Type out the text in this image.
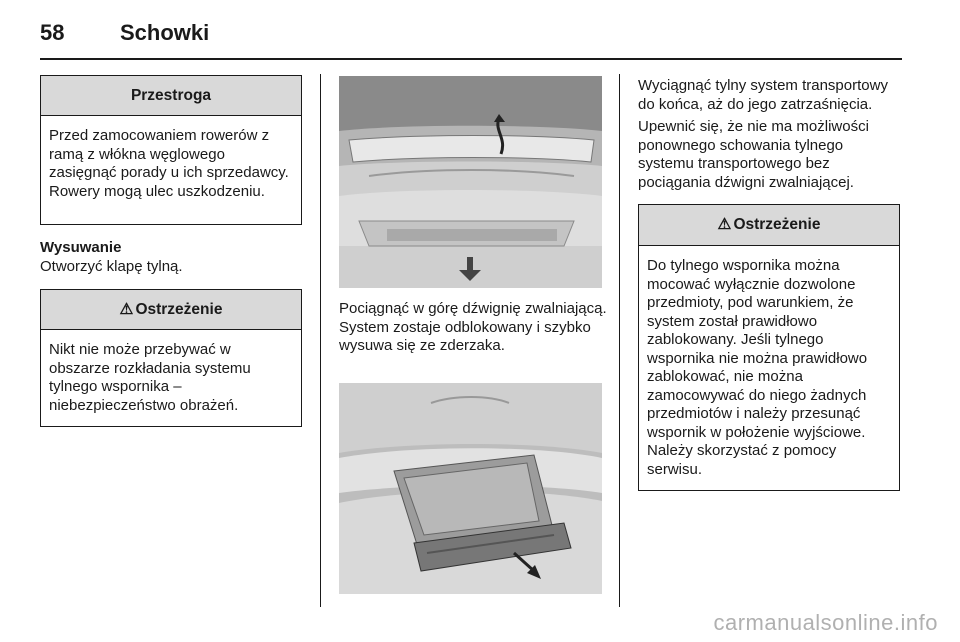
58	Schowki
Przestroga
Przed zamocowaniem rowerów z ramą z włókna węglowego zasięgnąć porady u ich sprzedawcy. Rowery mogą ulec uszkodzeniu.
Wysuwanie
Otworzyć klapę tylną.
⚠ Ostrzeżenie
Nikt nie może przebywać w obszarze rozkładania systemu tylnego wspornika – niebezpieczeństwo obrażeń.
Pociągnąć w górę dźwignię zwalniającą. System zostaje odblokowany i szybko wysuwa się ze zderzaka.
Wyciągnąć tylny system transportowy do końca, aż do jego zatrzaśnięcia.
Upewnić się, że nie ma możliwości ponownego schowania tylnego systemu transportowego bez pociągania dźwigni zwalniającej.
⚠ Ostrzeżenie
Do tylnego wspornika można mocować wyłącznie dozwolone przedmioty, pod warunkiem, że system został prawidłowo zablokowany. Jeśli tylnego wspornika nie można prawidłowo zablokować, nie można zamocowywać do niego żadnych przedmiotów i należy przesunąć wspornik w położenie wyjściowe. Należy skorzystać z pomocy serwisu.
carmanualsonline.info
